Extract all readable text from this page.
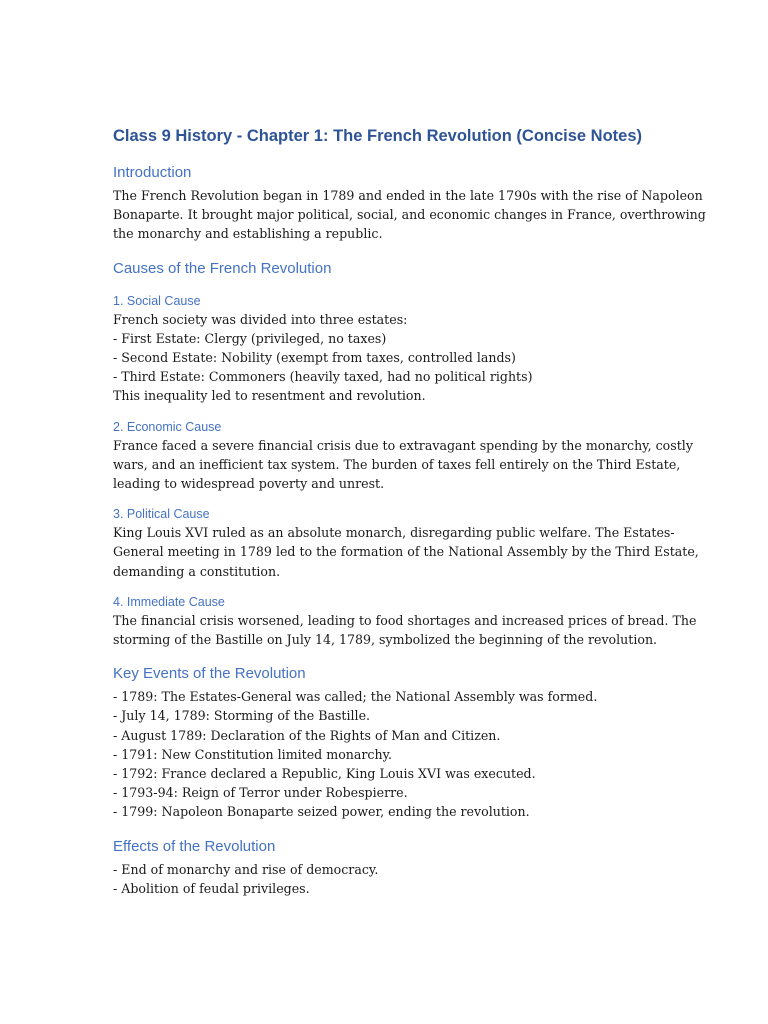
Class 9 History - Chapter 1: The French Revolution (Concise Notes)
Introduction

The French Revolution began in 1789 and ended in the late 1790s with the rise of Napoleon
Bonaparte. It brought major political, social, and economic changes in France, overthrowing
the monarchy and establishing a republic.

Causes of the French Revolution
1. Social Cause

French society was divided into three estates:
- First Estate: Clergy (privileged, no taxes)
- Second Estate: Nobility (exempt from taxes, controlled lands)
- Third Estate: Commoners (heavily taxed, had no political rights)
This inequality led to resentment and revolution.

2. Economic Cause

France faced a severe financial crisis due to extravagant spending by the monarchy, costly
wars, and an inefficient tax system. The burden of taxes fell entirely on the Third Estate,
leading to widespread poverty and unrest.

3. Political Cause

King Louis XVI ruled as an absolute monarch, disregarding public welfare. The Estates-
General meeting in 1789 led to the formation of the National Assembly by the Third Estate,
demanding a constitution.

4. Immediate Cause

The financial crisis worsened, leading to food shortages and increased prices of bread. The
storming of the Bastille on July 14, 1789, symbolized the beginning of the revolution.

Key Events of the Revolution

- 1789: The Estates-General was called; the National Assembly was formed.
- July 14, 1789: Storming of the Bastille.
- August 1789: Declaration of the Rights of Man and Citizen.
- 1791: New Constitution limited monarchy.
- 1792: France declared a Republic, King Louis XVI was executed.
- 1793-94: Reign of Terror under Robespierre.
- 1799: Napoleon Bonaparte seized power, ending the revolution.

Effects of the Revolution

- End of monarchy and rise of democracy.
- Abolition of feudal privileges.
